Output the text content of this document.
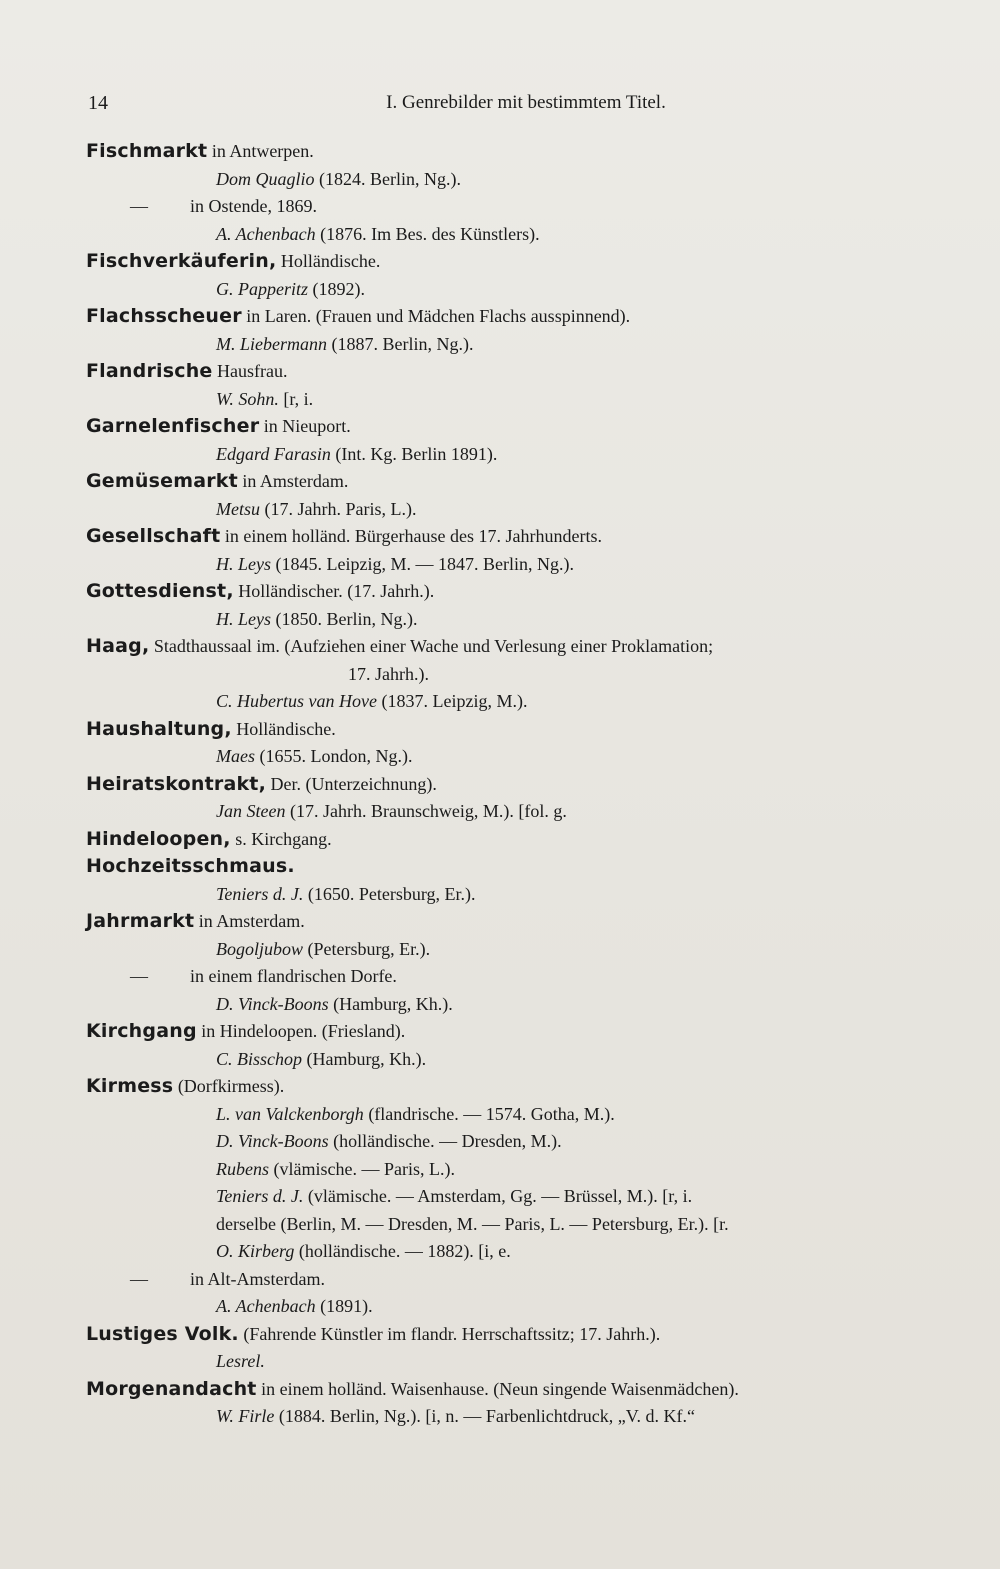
14	I. Genrebilder mit bestimmtem Titel.
Fischmarkt in Antwerpen.
Dom Quaglio (1824. Berlin, Ng.).
— in Ostende, 1869.
A. Achenbach (1876. Im Bes. des Künstlers).
Fischverkäuferin, Holländische.
G. Papperitz (1892).
Flachsscheuer in Laren. (Frauen und Mädchen Flachs ausspinnend).
M. Liebermann (1887. Berlin, Ng.).
Flandrische Hausfrau.
W. Sohn. [r, i.
Garnelenfischer in Nieuport.
Edgard Farasin (Int. Kg. Berlin 1891).
Gemüsemarkt in Amsterdam.
Metsu (17. Jahrh. Paris, L.).
Gesellschaft in einem holländ. Bürgerhause des 17. Jahrhunderts.
H. Leys (1845. Leipzig, M. — 1847. Berlin, Ng.).
Gottesdienst, Holländischer. (17. Jahrh.).
H. Leys (1850. Berlin, Ng.).
Haag, Stadthaussaal im. (Aufziehen einer Wache und Verlesung einer Proklamation;
17. Jahrh.).
C. Hubertus van Hove (1837. Leipzig, M.).
Haushaltung, Holländische.
Maes (1655. London, Ng.).
Heiratskontrakt, Der. (Unterzeichnung).
Jan Steen (17. Jahrh. Braunschweig, M.). [fol. g.
Hindeloopen, s. Kirchgang.
Hochzeitsschmaus.
Teniers d. J. (1650. Petersburg, Er.).
Jahrmarkt in Amsterdam.
Bogoljubow (Petersburg, Er.).
— in einem flandrischen Dorfe.
D. Vinck-Boons (Hamburg, Kh.).
Kirchgang in Hindeloopen. (Friesland).
C. Bisschop (Hamburg, Kh.).
Kirmess (Dorfkirmess).
L. van Valckenborgh (flandrische. — 1574. Gotha, M.).
D. Vinck-Boons (holländische. — Dresden, M.).
Rubens (vlämische. — Paris, L.).
Teniers d. J. (vlämische. — Amsterdam, Gg. — Brüssel, M.). [r, i.
derselbe (Berlin, M. — Dresden, M. — Paris, L. — Petersburg, Er.). [r.
O. Kirberg (holländische. — 1882). [i, e.
— in Alt-Amsterdam.
A. Achenbach (1891).
Lustiges Volk. (Fahrende Künstler im flandr. Herrschaftssitz; 17. Jahrh.).
Lesrel.
Morgenandacht in einem holländ. Waisenhause. (Neun singende Waisenmädchen).
W. Firle (1884. Berlin, Ng.). [i, n. — Farbenlichtdruck, „V. d. Kf.“
